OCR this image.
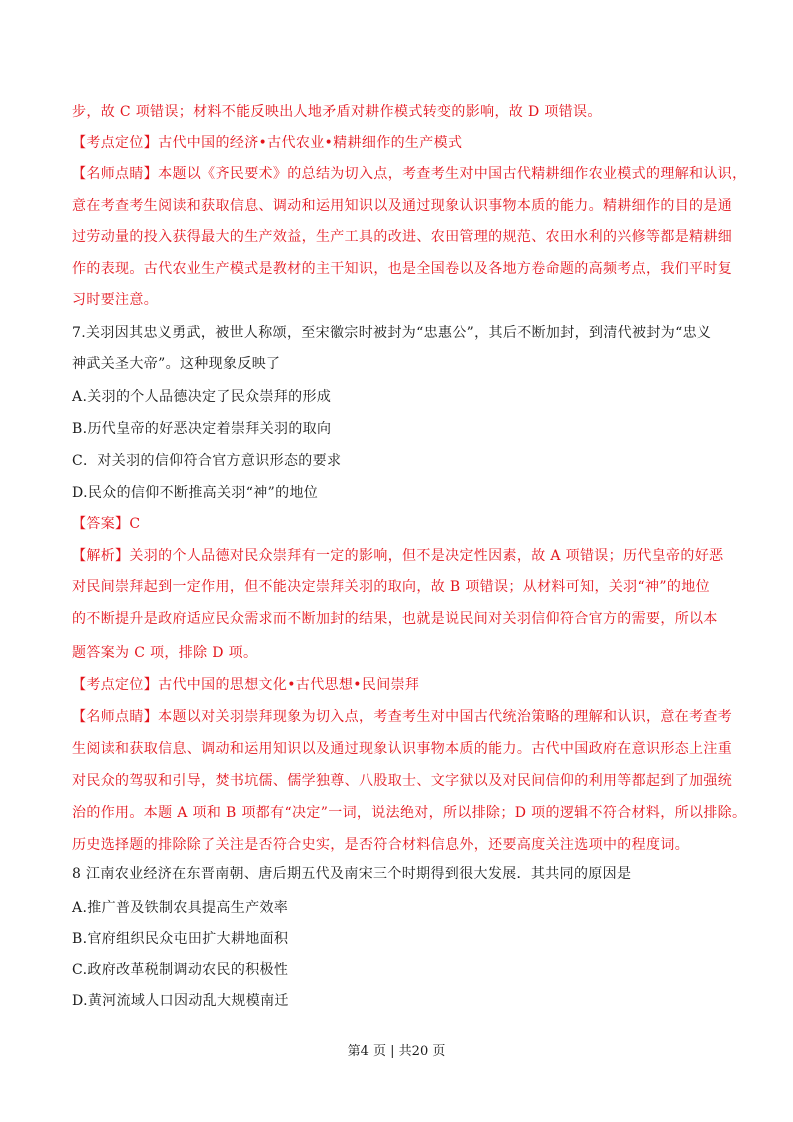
步，故 C 项错误；材料不能反映出人地矛盾对耕作模式转变的影响，故 D 项错误。
【考点定位】古代中国的经济•古代农业•精耕细作的生产模式
【名师点睛】本题以《齐民要术》的总结为切入点，考查考生对中国古代精耕细作农业模式的理解和认识，
意在考查考生阅读和获取信息、调动和运用知识以及通过现象认识事物本质的能力。精耕细作的目的是通
过劳动量的投入获得最大的生产效益，生产工具的改进、农田管理的规范、农田水利的兴修等都是精耕细
作的表现。古代农业生产模式是教材的主干知识，也是全国卷以及各地方卷命题的高频考点，我们平时复
习时要注意。
7.关羽因其忠义勇武，被世人称颂，至宋徽宗时被封为“忠惠公”，其后不断加封，到清代被封为“忠义
神武关圣大帝”。这种现象反映了
A.关羽的个人品德决定了民众崇拜的形成
B.历代皇帝的好恶决定着崇拜关羽的取向
C．对关羽的信仰符合官方意识形态的要求
D.民众的信仰不断推高关羽“神”的地位
【答案】C
【解析】关羽的个人品德对民众崇拜有一定的影响，但不是决定性因素，故 A 项错误；历代皇帝的好恶
对民间崇拜起到一定作用，但不能决定崇拜关羽的取向，故 B 项错误；从材料可知，关羽“神”的地位
的不断提升是政府适应民众需求而不断加封的结果，也就是说民间对关羽信仰符合官方的需要，所以本
题答案为 C 项，排除 D 项。
【考点定位】古代中国的思想文化•古代思想•民间崇拜
【名师点睛】本题以对关羽崇拜现象为切入点，考查考生对中国古代统治策略的理解和认识，意在考查考
生阅读和获取信息、调动和运用知识以及通过现象认识事物本质的能力。古代中国政府在意识形态上注重
对民众的驾驭和引导，焚书坑儒、儒学独尊、八股取士、文字狱以及对民间信仰的利用等都起到了加强统
治的作用。本题 A 项和 B 项都有“决定”一词，说法绝对，所以排除；D 项的逻辑不符合材料，所以排除。
历史选择题的排除除了关注是否符合史实，是否符合材料信息外，还要高度关注选项中的程度词。
8 江南农业经济在东晋南朝、唐后期五代及南宋三个时期得到很大发展．其共同的原因是
A.推广普及铁制农具提高生产效率
B.官府组织民众屯田扩大耕地面积
C.政府改革税制调动农民的积极性
D.黄河流域人口因动乱大规模南迁
第4 页 | 共20 页
